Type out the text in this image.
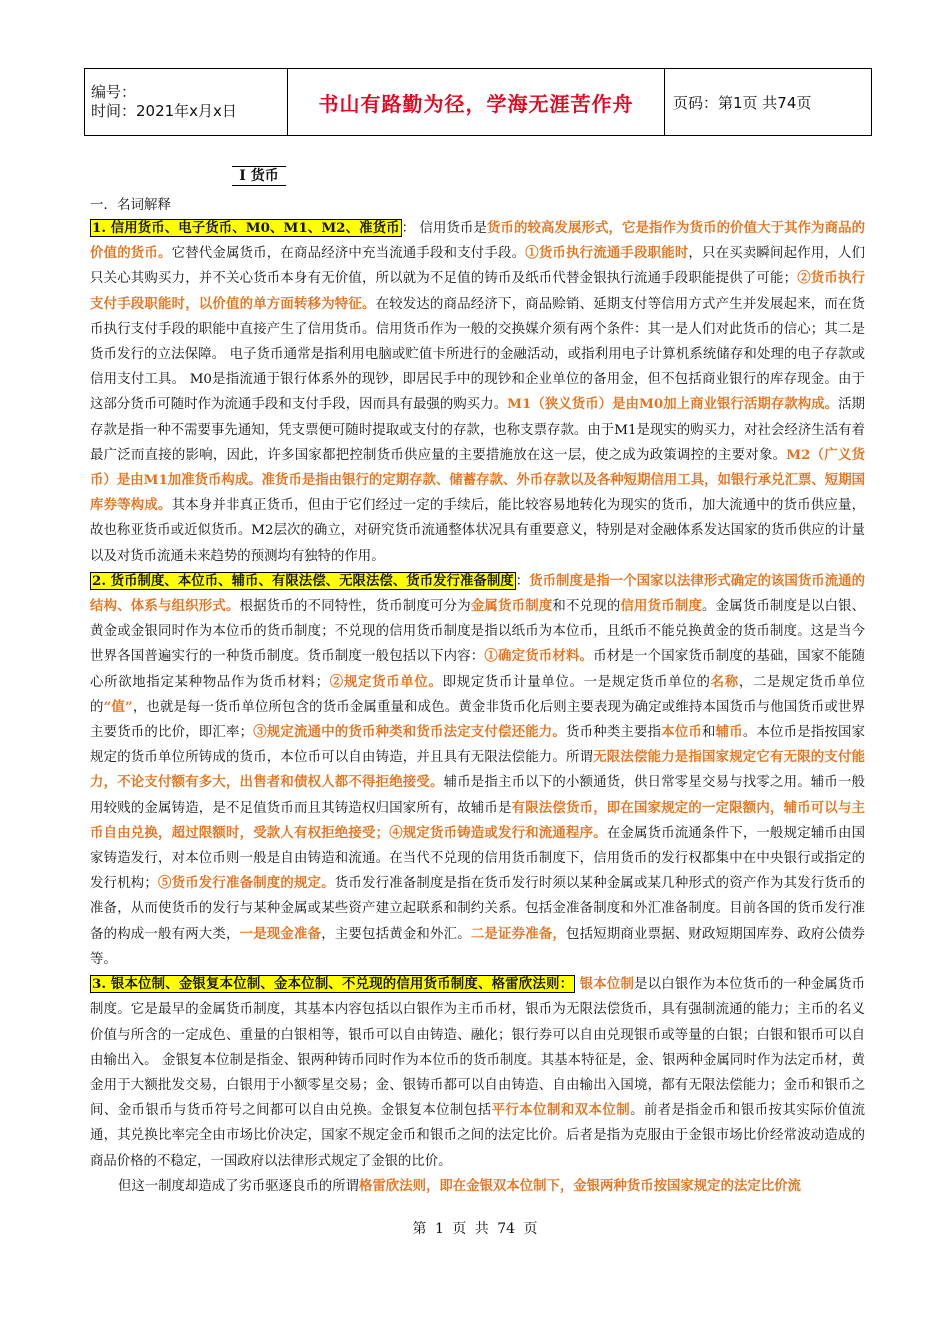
编号：
时间：2021年x月x日	书山有路勤为径，学海无涯苦作舟	页码：第1页 共74页
I 货币
一．名词解释

1. 信用货币、电子货币、M0、M1、M2、准货币 ： 信用货币是货币的较高发展形式，它是指作为货币的价值大于其作为商品的价值的货币。它替代金属货币，在商品经济中充当流通手段和支付手段。①货币执行流通手段职能时，只在买卖瞬间起作用，人们只关心其购买力，并不关心货币本身有无价值，所以就为不足值的铸币及纸币代替金银执行流通手段职能提供了可能；②货币执行支付手段职能时，以价值的单方面转移为特征。在较发达的商品经济下，商品赊销、延期支付等信用方式产生并发展起来，而在货币执行支付手段的职能中直接产生了信用货币。信用货币作为一般的交换媒介须有两个条件：其一是人们对此货币的信心；其二是货币发行的立法保障。 电子货币通常是指利用电脑或贮值卡所进行的金融活动，或指利用电子计算机系统储存和处理的电子存款或信用支付工具。 M0是指流通于银行体系外的现钞，即居民手中的现钞和企业单位的备用金，但不包括商业银行的库存现金。由于这部分货币可随时作为流通手段和支付手段，因而具有最强的购买力。M1（狭义货币）是由M0加上商业银行活期存款构成。活期存款是指一种不需要事先通知，凭支票便可随时提取或支付的存款，也称支票存款。由于M1是现实的购买力，对社会经济生活有着最广泛而直接的影响，因此，许多国家都把控制货币供应量的主要措施放在这一层，使之成为政策调控的主要对象。M2（广义货币）是由M1加准货币构成。准货币是指由银行的定期存款、储蓄存款、外币存款以及各种短期信用工具，如银行承兑汇票、短期国库券等构成。其本身并非真正货币，但由于它们经过一定的手续后，能比较容易地转化为现实的货币，加大流通中的货币供应量，故也称亚货币或近似货币。M2层次的确立，对研究货币流通整体状况具有重要意义，特别是对金融体系发达国家的货币供应的计量以及对货币流通未来趋势的预测均有独特的作用。

2. 货币制度、本位币、辅币、有限法偿、无限法偿、货币发行准备制度 ：货币制度是指一个国家以法律形式确定的该国货币流通的结构、体系与组织形式。根据货币的不同特性，货币制度可分为金属货币制度和不兑现的信用货币制度。金属货币制度是以白银、黄金或金银同时作为本位币的货币制度；不兑现的信用货币制度是指以纸币为本位币，且纸币不能兑换黄金的货币制度。这是当今世界各国普遍实行的一种货币制度。货币制度一般包括以下内容：①确定货币材料。币材是一个国家货币制度的基础，国家不能随心所欲地指定某种物品作为货币材料；②规定货币单位。即规定货币计量单位。一是规定货币单位的名称，二是规定货币单位的“值”，也就是每一货币单位所包含的货币金属重量和成色。黄金非货币化后则主要表现为确定或维持本国货币与他国货币或世界主要货币的比价，即汇率；③规定流通中的货币种类和货币法定支付偿还能力。货币种类主要指本位币和辅币。本位币是指按国家规定的货币单位所铸成的货币，本位币可以自由铸造，并且具有无限法偿能力。所谓无限法偿能力是指国家规定它有无限的支付能力，不论支付额有多大，出售者和债权人都不得拒绝接受。辅币是指主币以下的小额通货，供日常零星交易与找零之用。辅币一般用较贱的金属铸造，是不足值货币而且其铸造权归国家所有，故辅币是有限法偿货币，即在国家规定的一定限额内，辅币可以与主币自由兑换，超过限额时，受款人有权拒绝接受；④规定货币铸造或发行和流通程序。在金属货币流通条件下，一般规定辅币由国家铸造发行，对本位币则一般是自由铸造和流通。在当代不兑现的信用货币制度下，信用货币的发行权都集中在中央银行或指定的发行机构；⑤货币发行准备制度的规定。货币发行准备制度是指在货币发行时须以某种金属或某几种形式的资产作为其发行货币的准备，从而使货币的发行与某种金属或某些资产建立起联系和制约关系。包括金准备制度和外汇准备制度。目前各国的货币发行准备的构成一般有两大类，一是现金准备，主要包括黄金和外汇。二是证券准备，包括短期商业票据、财政短期国库券、政府公债券等。

3. 银本位制、金银复本位制、金本位制、不兑现的信用货币制度、格雷欣法则： 银本位制是以白银作为本位货币的一种金属货币制度。它是最早的金属货币制度，其基本内容包括以白银作为主币币材，银币为无限法偿货币，具有强制流通的能力；主币的名义价值与所含的一定成色、重量的白银相等，银币可以自由铸造、融化；银行券可以自由兑现银币或等量的白银；白银和银币可以自由输出入。 金银复本位制是指金、银两种铸币同时作为本位币的货币制度。其基本特征是，金、银两种金属同时作为法定币材，黄金用于大额批发交易，白银用于小额零星交易；金、银铸币都可以自由铸造、自由输出入国境，都有无限法偿能力；金币和银币之间、金币银币与货币符号之间都可以自由兑换。金银复本位制包括平行本位制和双本位制。前者是指金币和银币按其实际价值流通，其兑换比率完全由市场比价决定，国家不规定金币和银币之间的法定比价。后者是指为克服由于金银市场比价经常波动造成的商品价格的不稳定，一国政府以法律形式规定了金银的比价。

但这一制度却造成了劣币驱逐良币的所谓格雷欣法则，即在金银双本位制下，金银两种货币按国家规定的法定比价流

第 1 页 共 74 页
